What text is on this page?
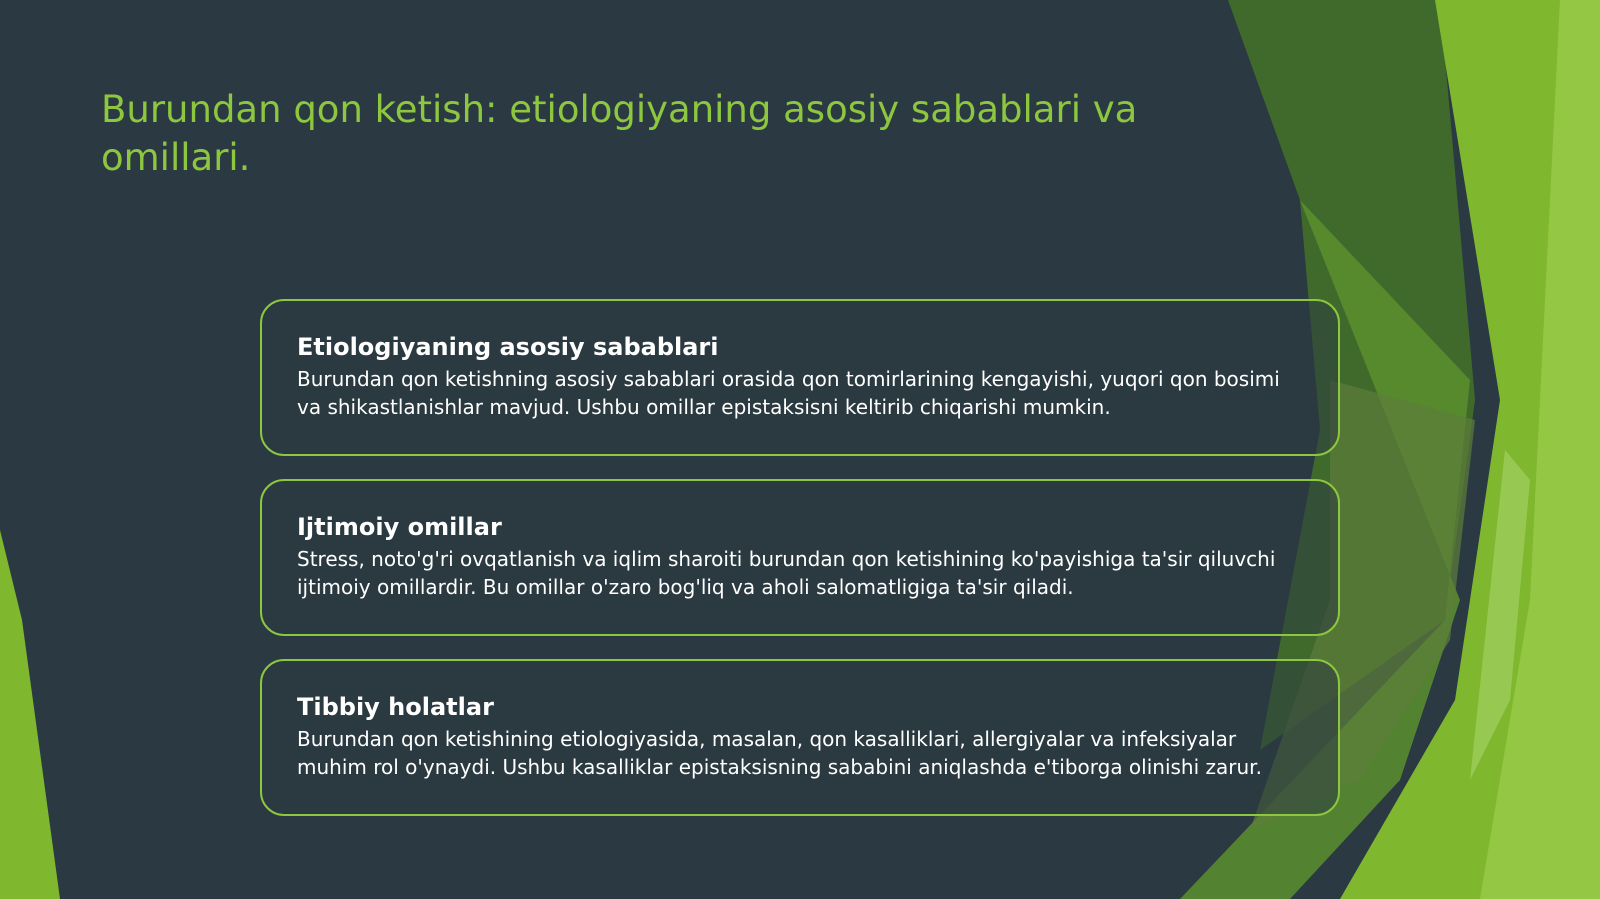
Burundan qon ketish: etiologiyaning asosiy sabablari va omillari.

Etiologiyaning asosiy sabablari

Burundan qon ketishning asosiy sabablari orasida qon tomirlarining kengayishi, yuqori qon bosimi va shikastlanishlar mavjud. Ushbu omillar epistaksisni keltirib chiqarishi mumkin.

Ijtimoiy omillar

Stress, noto'g'ri ovqatlanish va iqlim sharoiti burundan qon ketishining ko'payishiga ta'sir qiluvchi ijtimoiy omillardir. Bu omillar o'zaro bog'liq va aholi salomatligiga ta'sir qiladi.

Tibbiy holatlar

Burundan qon ketishining etiologiyasida, masalan, qon kasalliklari, allergiyalar va infeksiyalar muhim rol o'ynaydi. Ushbu kasalliklar epistaksisning sababini aniqlashda e'tiborga olinishi zarur.
